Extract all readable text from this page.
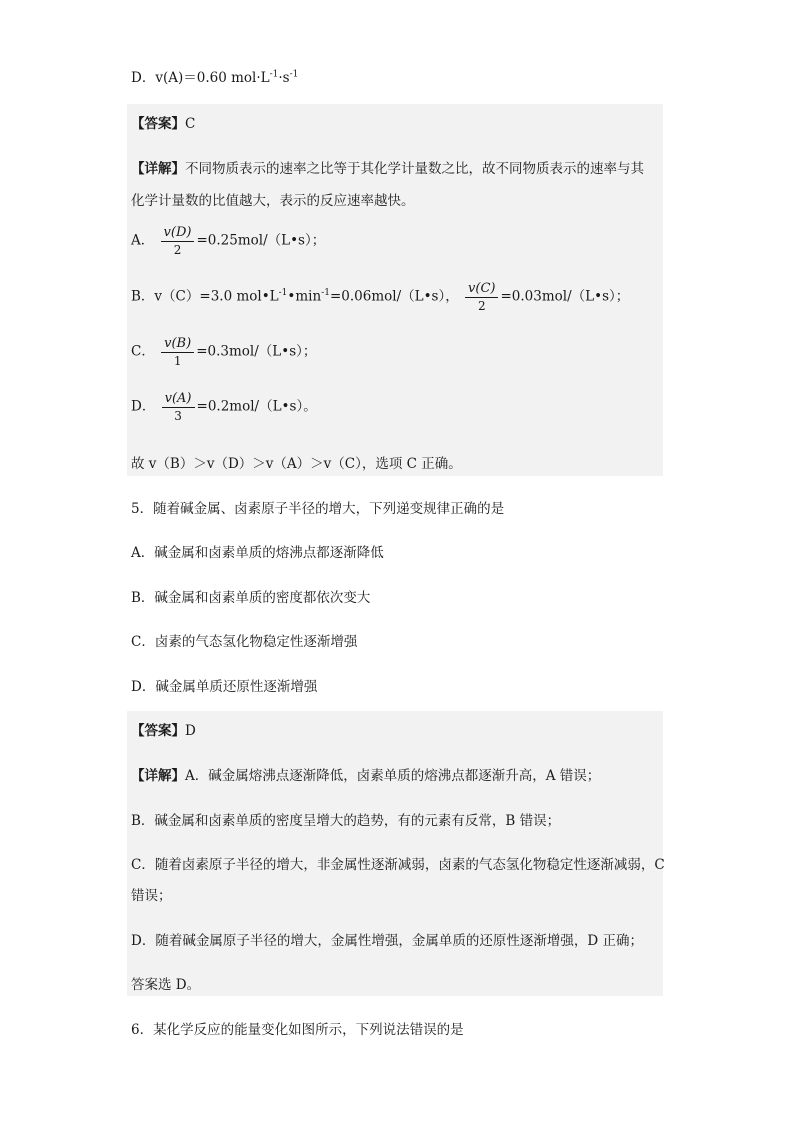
D．v(A)＝0.60 $mol\cdot L^{-1}\cdot s^{-1}$
【答案】C
【详解】不同物质表示的速率之比等于其化学计量数之比，故不同物质表示的速率与其
化学计量数的比值越大，表示的反应速率越快。
A． $\frac{v(D)}{2}$ =0.25mol/（L•s）；
B．v（C）=3.0 $mol•L^{-1}•\min^{-1}=0.06mol/(L•s)$， $\frac{v(C)}{2}$ =0.03mol/（L•s）；
C． $\frac{v(B)}{1}$ =0.3mol/（L•s）；
D． $\frac{v(A)}{3}$ =0.2mol/（L•s）。
故 v（B）＞v（D）＞v（A）＞v（C），选项 C 正确。
5．随着碱金属、卤素原子半径的增大，下列递变规律正确的是
A．碱金属和卤素单质的熔沸点都逐渐降低
B．碱金属和卤素单质的密度都依次变大
C．卤素的气态氢化物稳定性逐渐增强
D．碱金属单质还原性逐渐增强
【答案】D
【详解】A．碱金属熔沸点逐渐降低，卤素单质的熔沸点都逐渐升高，A 错误；
B．碱金属和卤素单质的密度呈增大的趋势，有的元素有反常，B 错误；
C．随着卤素原子半径的增大，非金属性逐渐减弱，卤素的气态氢化物稳定性逐渐减弱，C
错误；
D．随着碱金属原子半径的增大，金属性增强，金属单质的还原性逐渐增强，D 正确；
答案选 D。
6．某化学反应的能量变化如图所示，下列说法错误的是
